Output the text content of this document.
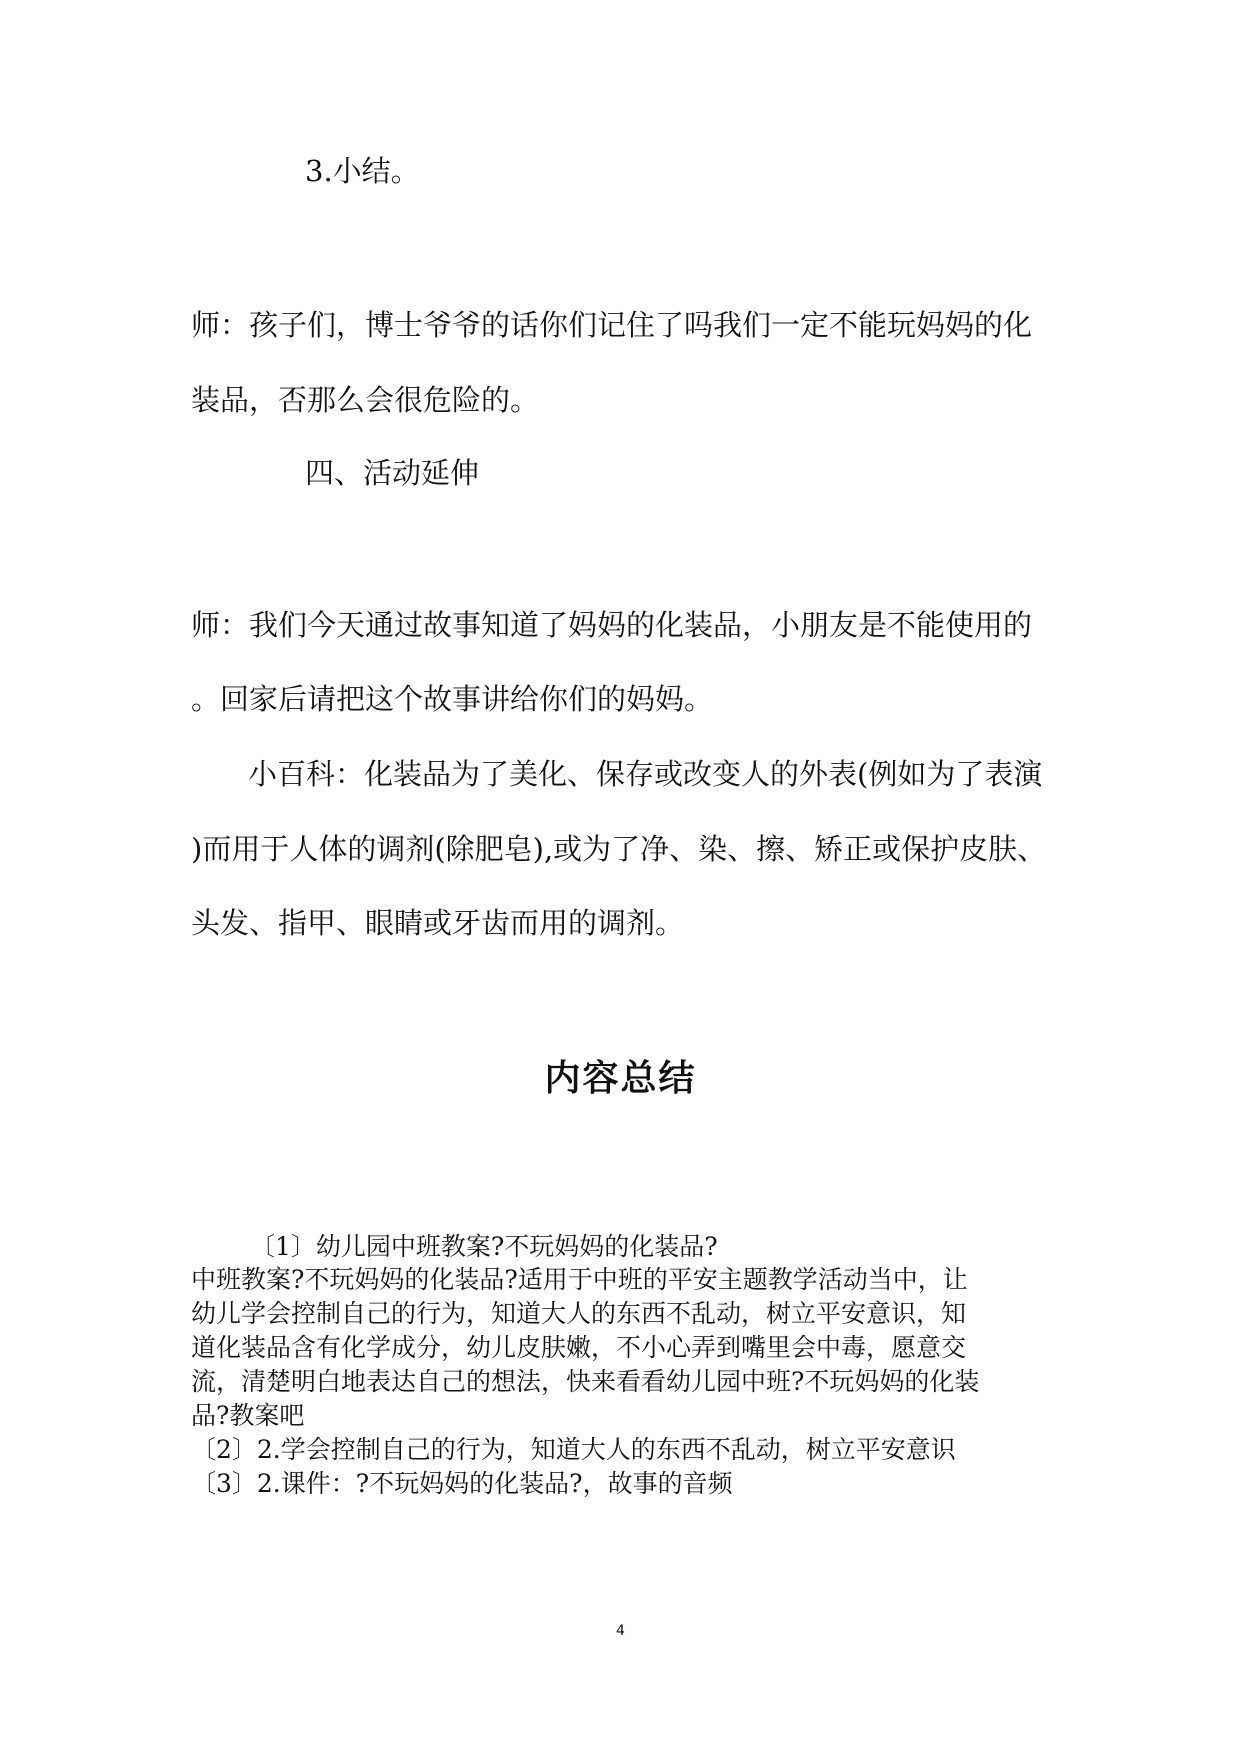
3.小结。
师：孩子们，博士爷爷的话你们记住了吗我们一定不能玩妈妈的化
装品，否那么会很危险的。
四、活动延伸
师：我们今天通过故事知道了妈妈的化装品，小朋友是不能使用的
。回家后请把这个故事讲给你们的妈妈。
小百科：化装品为了美化、保存或改变人的外表(例如为了表演
)而用于人体的调剂(除肥皂),或为了净、染、擦、矫正或保护皮肤、
头发、指甲、眼睛或牙齿而用的调剂。
内容总结
〔1〕幼儿园中班教案?不玩妈妈的化装品?
中班教案?不玩妈妈的化装品?适用于中班的平安主题教学活动当中，让
幼儿学会控制自己的行为，知道大人的东西不乱动，树立平安意识，知
道化装品含有化学成分，幼儿皮肤嫩，不小心弄到嘴里会中毒，愿意交
流，清楚明白地表达自己的想法，快来看看幼儿园中班?不玩妈妈的化装
品?教案吧
〔2〕2.学会控制自己的行为，知道大人的东西不乱动，树立平安意识
〔3〕2.课件：?不玩妈妈的化装品?，故事的音频
4
